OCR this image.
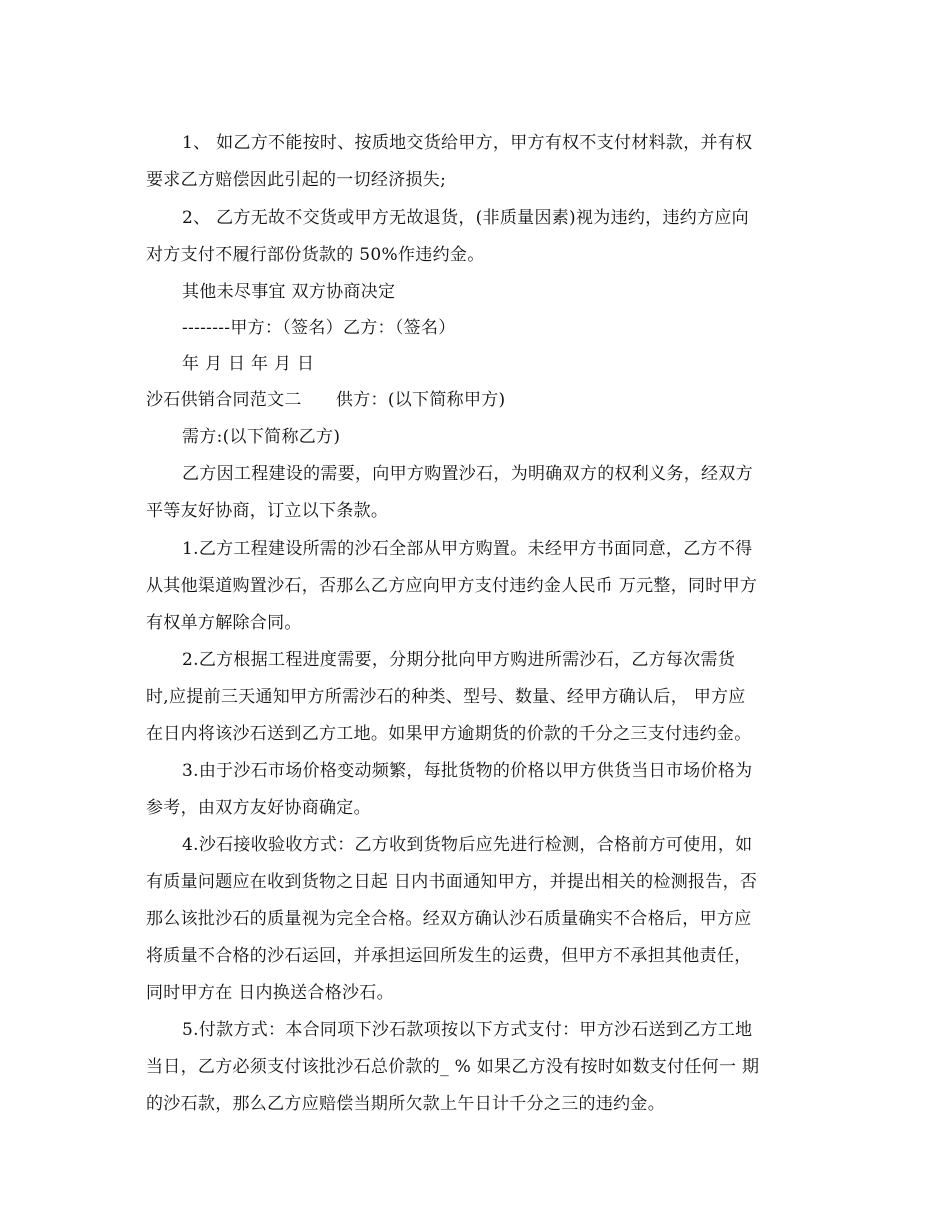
1、 如乙方不能按时、按质地交货给甲方，甲方有权不支付材料款，并有权
要求乙方赔偿因此引起的一切经济损失;
2、 乙方无故不交货或甲方无故退货，(非质量因素)视为违约，违约方应向
对方支付不履行部份货款的 50%作违约金。
其他未尽事宜 双方协商决定
--------甲方：（签名）乙方：（签名）
年 月 日 年 月 日
沙石供销合同范文二      供方：(以下简称甲方)
需方:(以下简称乙方)
乙方因工程建设的需要，向甲方购置沙石，为明确双方的权利义务，经双方
平等友好协商，订立以下条款。
1.乙方工程建设所需的沙石全部从甲方购置。未经甲方书面同意，乙方不得
从其他渠道购置沙石，否那么乙方应向甲方支付违约金人民币 万元整，同时甲方
有权单方解除合同。
2.乙方根据工程进度需要，分期分批向甲方购进所需沙石，乙方每次需货
时,应提前三天通知甲方所需沙石的种类、型号、数量、经甲方确认后， 甲方应
在日内将该沙石送到乙方工地。如果甲方逾期货的价款的千分之三支付违约金。
3.由于沙石市场价格变动频繁，每批货物的价格以甲方供货当日市场价格为
参考，由双方友好协商确定。
4.沙石接收验收方式：乙方收到货物后应先进行检测，合格前方可使用，如
有质量问题应在收到货物之日起 日内书面通知甲方，并提出相关的检测报告，否
那么该批沙石的质量视为完全合格。经双方确认沙石质量确实不合格后，甲方应
将质量不合格的沙石运回，并承担运回所发生的运费，但甲方不承担其他责任，
同时甲方在 日内换送合格沙石。
5.付款方式：本合同项下沙石款项按以下方式支付：甲方沙石送到乙方工地
当日，乙方必须支付该批沙石总价款的_ % 如果乙方没有按时如数支付任何一 期
的沙石款，那么乙方应赔偿当期所欠款上午日计千分之三的违约金。
